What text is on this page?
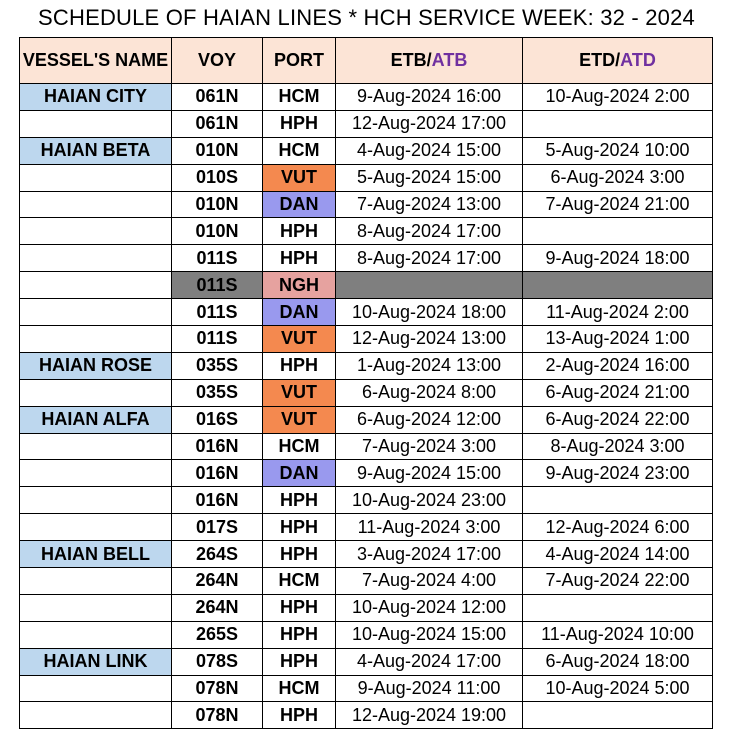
SCHEDULE OF HAIAN LINES * HCH SERVICE WEEK: 32 - 2024
VESSEL'S NAME	VOY	PORT	ETB/ATB	ETD/ATD
HAIAN CITY	061N	HCM	9-Aug-2024 16:00	10-Aug-2024 2:00
	061N	HPH	12-Aug-2024 17:00	
HAIAN BETA	010N	HCM	4-Aug-2024 15:00	5-Aug-2024 10:00
	010S	VUT	5-Aug-2024 15:00	6-Aug-2024 3:00
	010N	DAN	7-Aug-2024 13:00	7-Aug-2024 21:00
	010N	HPH	8-Aug-2024 17:00	
	011S	HPH	8-Aug-2024 17:00	9-Aug-2024 18:00
	011S	NGH		
	011S	DAN	10-Aug-2024 18:00	11-Aug-2024 2:00
	011S	VUT	12-Aug-2024 13:00	13-Aug-2024 1:00
HAIAN ROSE	035S	HPH	1-Aug-2024 13:00	2-Aug-2024 16:00
	035S	VUT	6-Aug-2024 8:00	6-Aug-2024 21:00
HAIAN ALFA	016S	VUT	6-Aug-2024 12:00	6-Aug-2024 22:00
	016N	HCM	7-Aug-2024 3:00	8-Aug-2024 3:00
	016N	DAN	9-Aug-2024 15:00	9-Aug-2024 23:00
	016N	HPH	10-Aug-2024 23:00	
	017S	HPH	11-Aug-2024 3:00	12-Aug-2024 6:00
HAIAN BELL	264S	HPH	3-Aug-2024 17:00	4-Aug-2024 14:00
	264N	HCM	7-Aug-2024 4:00	7-Aug-2024 22:00
	264N	HPH	10-Aug-2024 12:00	
	265S	HPH	10-Aug-2024 15:00	11-Aug-2024 10:00
HAIAN LINK	078S	HPH	4-Aug-2024 17:00	6-Aug-2024 18:00
	078N	HCM	9-Aug-2024 11:00	10-Aug-2024 5:00
	078N	HPH	12-Aug-2024 19:00	
